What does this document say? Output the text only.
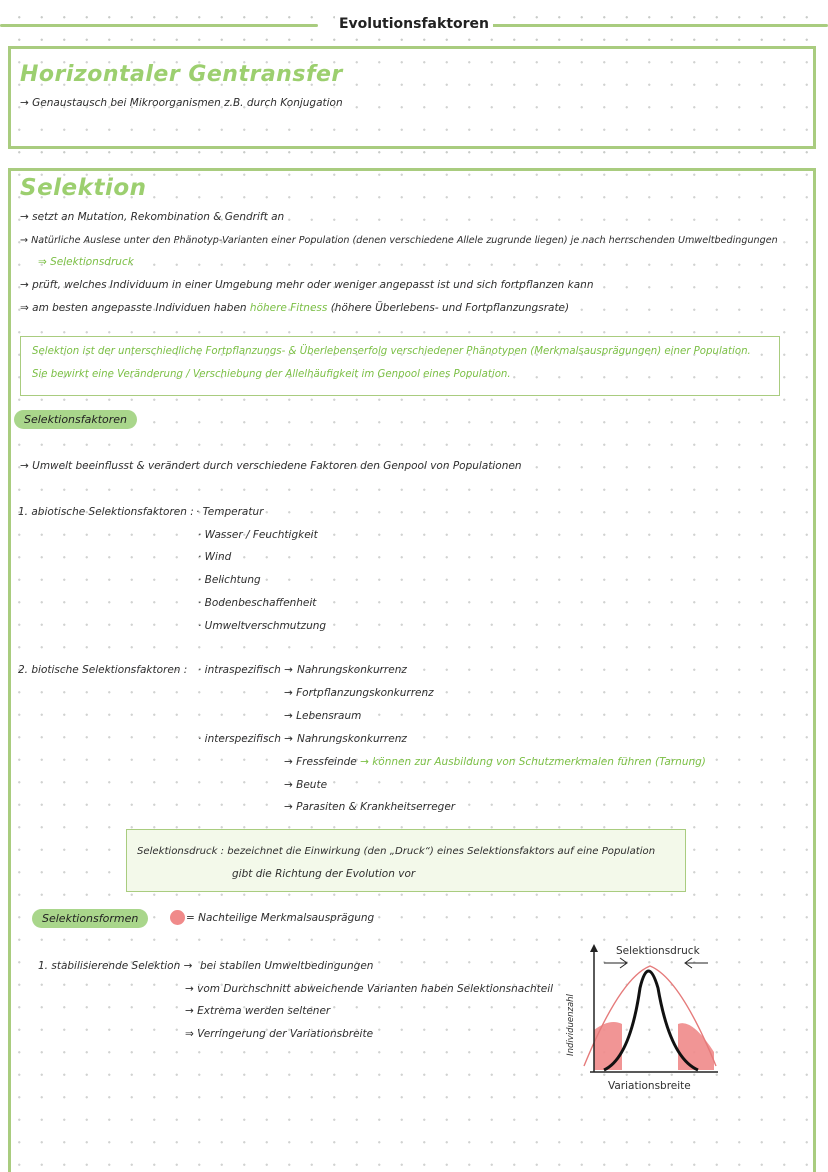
Evolutionsfaktoren
Horizontaler Gentransfer
→ Genaustausch bei Mikroorganismen z.B. durch Konjugation
Selektion
→ setzt an Mutation, Rekombination & Gendrift an
→ Natürliche Auslese unter den Phänotyp-Varianten einer Population (denen verschiedene Allele zugrunde liegen) je nach herrschenden Umweltbedingungen
⇒ Selektionsdruck
→ prüft, welches Individuum in einer Umgebung mehr oder weniger angepasst ist und sich fortpflanzen kann
⇒ am besten angepasste Individuen haben höhere Fitness (höhere Überlebens- und Fortpflanzungsrate)
Selektion ist der unterschiedliche Fortpflanzungs- & Überlebenserfolg verschiedener Phänotypen (Merkmalsausprägungen) einer Population.
Sie bewirkt eine Veränderung / Verschiebung der Allelhäufigkeit im Genpool eines Population.
Selektionsfaktoren
→ Umwelt beeinflusst & verändert durch verschiedene Faktoren den Genpool von Populationen
1. abiotische Selektionsfaktoren : · Temperatur
· Wasser / Feuchtigkeit
· Wind
· Belichtung
· Bodenbeschaffenheit
· Umweltverschmutzung
2. biotische Selektionsfaktoren : · intraspezifisch → Nahrungskonkurrenz
→ Fortpflanzungskonkurrenz
→ Lebensraum
· interspezifisch → Nahrungskonkurrenz
→ Fressfeinde → können zur Ausbildung von Schutzmerkmalen führen (Tarnung)
→ Beute
→ Parasiten & Krankheitserreger
Selektionsdruck : bezeichnet die Einwirkung (den „Druck“) eines Selektionsfaktors auf eine Population
gibt die Richtung der Evolution vor
Selektionsformen	= Nachteilige Merkmalsausprägung
1. stabilisierende Selektion → bei stabilen Umweltbedingungen
→ vom Durchschnitt abweichende Varianten haben Selektionsnachteil
→ Extrema werden seltener
⇒ Verringerung der Variationsbreite
Selektionsdruck
Individuenzahl
Variationsbreite
